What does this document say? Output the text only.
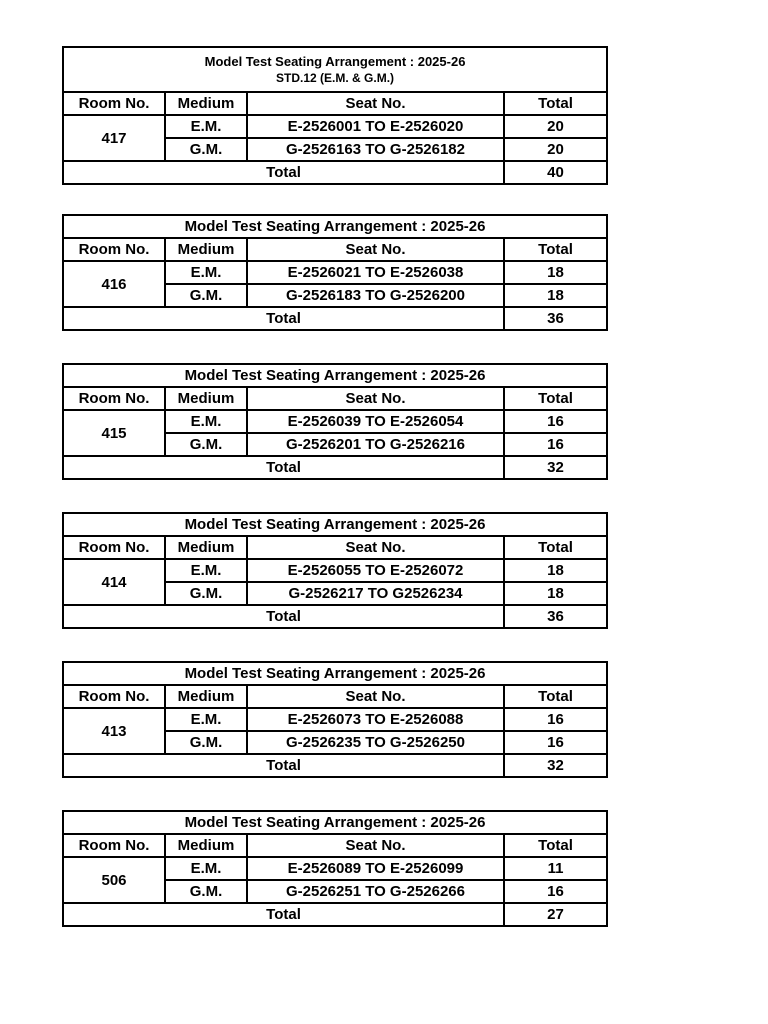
Model Test Seating Arrangement : 2025-26
STD.12 (E.M. & G.M.)			

Room No.	Medium	Seat No.	Total
417	E.M.	E-2526001 TO E-2526020	20
	G.M.	G-2526163 TO G-2526182	20
Total			40
Model Test Seating Arrangement : 2025-26			
Room No.	Medium	Seat No.	Total
416	E.M.	E-2526021 TO E-2526038	18
	G.M.	G-2526183 TO G-2526200	18
Total			36
Model Test Seating Arrangement : 2025-26			
Room No.	Medium	Seat No.	Total
415	E.M.	E-2526039 TO E-2526054	16
	G.M.	G-2526201 TO G-2526216	16
Total			32
Model Test Seating Arrangement : 2025-26			
Room No.	Medium	Seat No.	Total
414	E.M.	E-2526055 TO E-2526072	18
	G.M.	G-2526217 TO G2526234	18
Total			36
Model Test Seating Arrangement : 2025-26			
Room No.	Medium	Seat No.	Total
413	E.M.	E-2526073 TO E-2526088	16
	G.M.	G-2526235 TO G-2526250	16
Total			32
Model Test Seating Arrangement : 2025-26			
Room No.	Medium	Seat No.	Total
506	E.M.	E-2526089 TO E-2526099	11
	G.M.	G-2526251 TO G-2526266	16
Total			27
